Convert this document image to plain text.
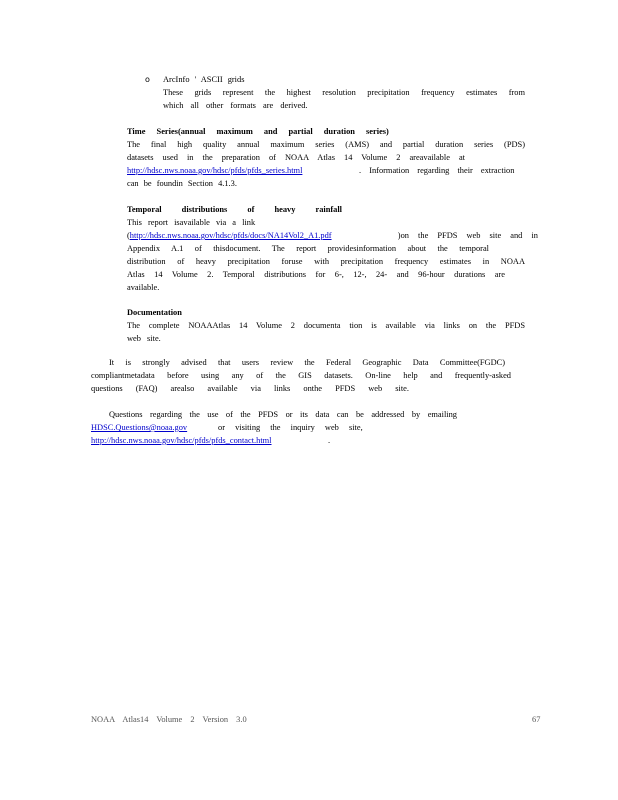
o ArcInfo ' ASCII grids
These grids represent the highest resolution precipitation frequency estimates from
which all other formats are derived.
Time Series(annual maximum and partial duration series)
The final high quality annual maximum series (AMS) and partial duration series (PDS)
datasets used in the preparation of NOAA Atlas 14 Volume 2 areavailable at
http://hdsc.nws.noaa.gov/hdsc/pfds/pfds_series.html	. Information regarding their extraction
can be foundin Section 4.1.3.
Temporal distributions of heavy rainfall
This report isavailable via a link
(http://hdsc.nws.noaa.gov/hdsc/pfds/docs/NA14Vol2_A1.pdf	)on the PFDS web site and in
Appendix A.1 of thisdocument. The report providesinformation about the temporal
distribution of heavy precipitation foruse with precipitation frequency estimates in NOAA
Atlas 14 Volume 2. Temporal distributions for 6-, 12-, 24- and 96-hour durations are
available.
Documentation
The complete NOAAAtlas 14 Volume 2 documenta tion is available via links on the PFDS
web site.
It is strongly advised that users review the Federal Geographic Data Committee(FGDC)
compliantmetadata before using any of the GIS datasets. On-line help and frequently-asked
questions (FAQ) arealso available via links onthe PFDS web site.
Questions regarding the use of the PFDS or its data can be addressed by emailing
HDSC.Questions@noaa.gov	or visiting the inquiry web site,
http://hdsc.nws.noaa.gov/hdsc/pfds/pfds_contact.html	.
NOAA Atlas14 Volume 2 Version 3.0	67
